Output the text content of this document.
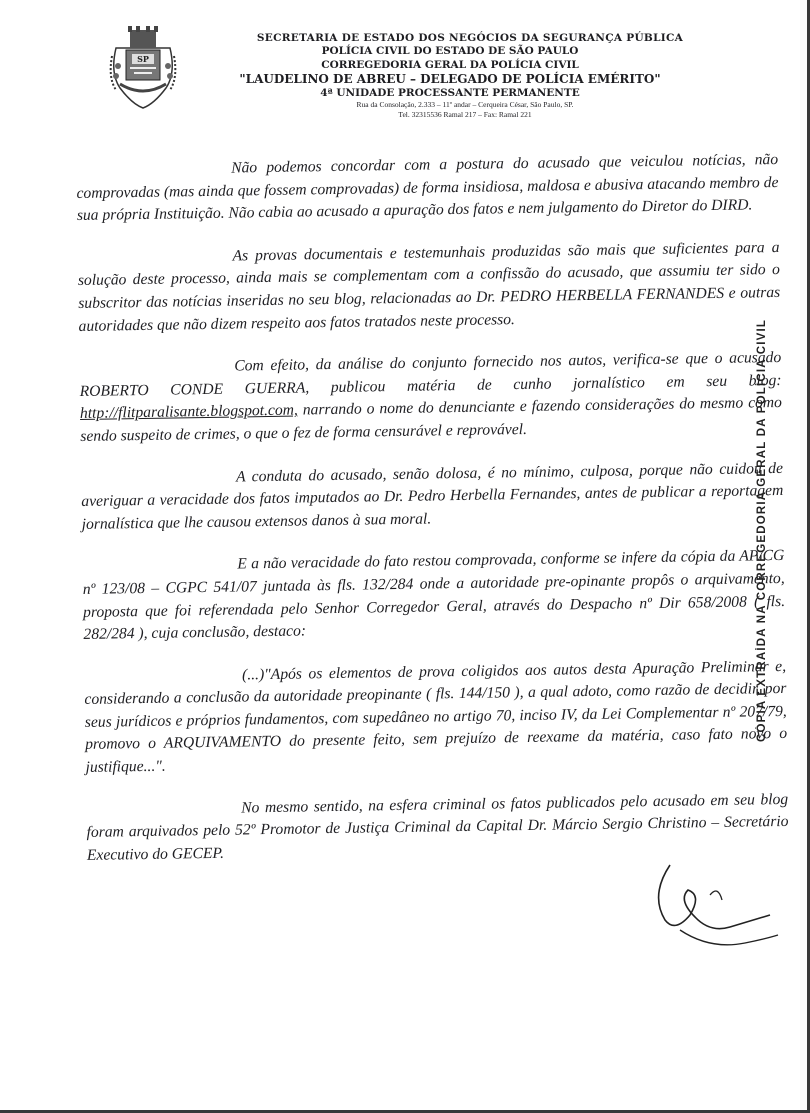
SP
SECRETARIA DE ESTADO DOS NEGÓCIOS DA SEGURANÇA PÚBLICA
POLÍCIA CIVIL DO ESTADO DE SÃO PAULO
CORREGEDORIA GERAL DA POLÍCIA CIVIL
"LAUDELINO DE ABREU – DELEGADO DE POLÍCIA EMÉRITO"
4ª UNIDADE PROCESSANTE PERMANENTE
Rua da Consolação, 2.333 – 11º andar – Cerqueira César, São Paulo, SP.
Tel. 32315536 Ramal 217 – Fax: Ramal 221

Não podemos concordar com a postura do acusado que veiculou notícias, não comprovadas (mas ainda que fossem comprovadas) de forma insidiosa, maldosa e abusiva atacando membro de sua própria Instituição. Não cabia ao acusado a apuração dos fatos e nem julgamento do Diretor do DIRD.

As provas documentais e testemunhais produzidas são mais que suficientes para a solução deste processo, ainda mais se complementam com a confissão do acusado, que assumiu ter sido o subscritor das notícias inseridas no seu blog, relacionadas ao Dr. PEDRO HERBELLA FERNANDES e outras autoridades que não dizem respeito aos fatos tratados neste processo.

Com efeito, da análise do conjunto fornecido nos autos, verifica-se que o acusado ROBERTO CONDE GUERRA, publicou matéria de cunho jornalístico em seu blog: http://flitparalisante.blogspot.com, narrando o nome do denunciante e fazendo considerações do mesmo como sendo suspeito de crimes, o que o fez de forma censurável e reprovável.

A conduta do acusado, senão dolosa, é no mínimo, culposa, porque não cuidou de averiguar a veracidade dos fatos imputados ao Dr. Pedro Herbella Fernandes, antes de publicar a reportagem jornalística que lhe causou extensos danos à sua moral.

E a não veracidade do fato restou comprovada, conforme se infere da cópia da AP/CG nº 123/08 – CGPC 541/07 juntada às fls. 132/284 onde a autoridade pre-opinante propôs o arquivamento, proposta que foi referendada pelo Senhor Corregedor Geral, através do Despacho nº Dir 658/2008 ( fls. 282/284 ), cuja conclusão, destaco:

(...)"Após os elementos de prova coligidos aos autos desta Apuração Preliminar e, considerando a conclusão da autoridade preopinante ( fls. 144/150 ), a qual adoto, como razão de decidir, por seus jurídicos e próprios fundamentos, com supedâneo no artigo 70, inciso IV, da Lei Complementar nº 207/79, promovo o ARQUIVAMENTO do presente feito, sem prejuízo de reexame da matéria, caso fato novo o justifique...".

No mesmo sentido, na esfera criminal os fatos publicados pelo acusado em seu blog foram arquivados pelo 52º Promotor de Justiça Criminal da Capital Dr. Márcio Sergio Christino – Secretário Executivo do GECEP.

CÓPIA EXTRAÍDA NA CORREGEDORIA GERAL DA POLÍCIA CIVIL
